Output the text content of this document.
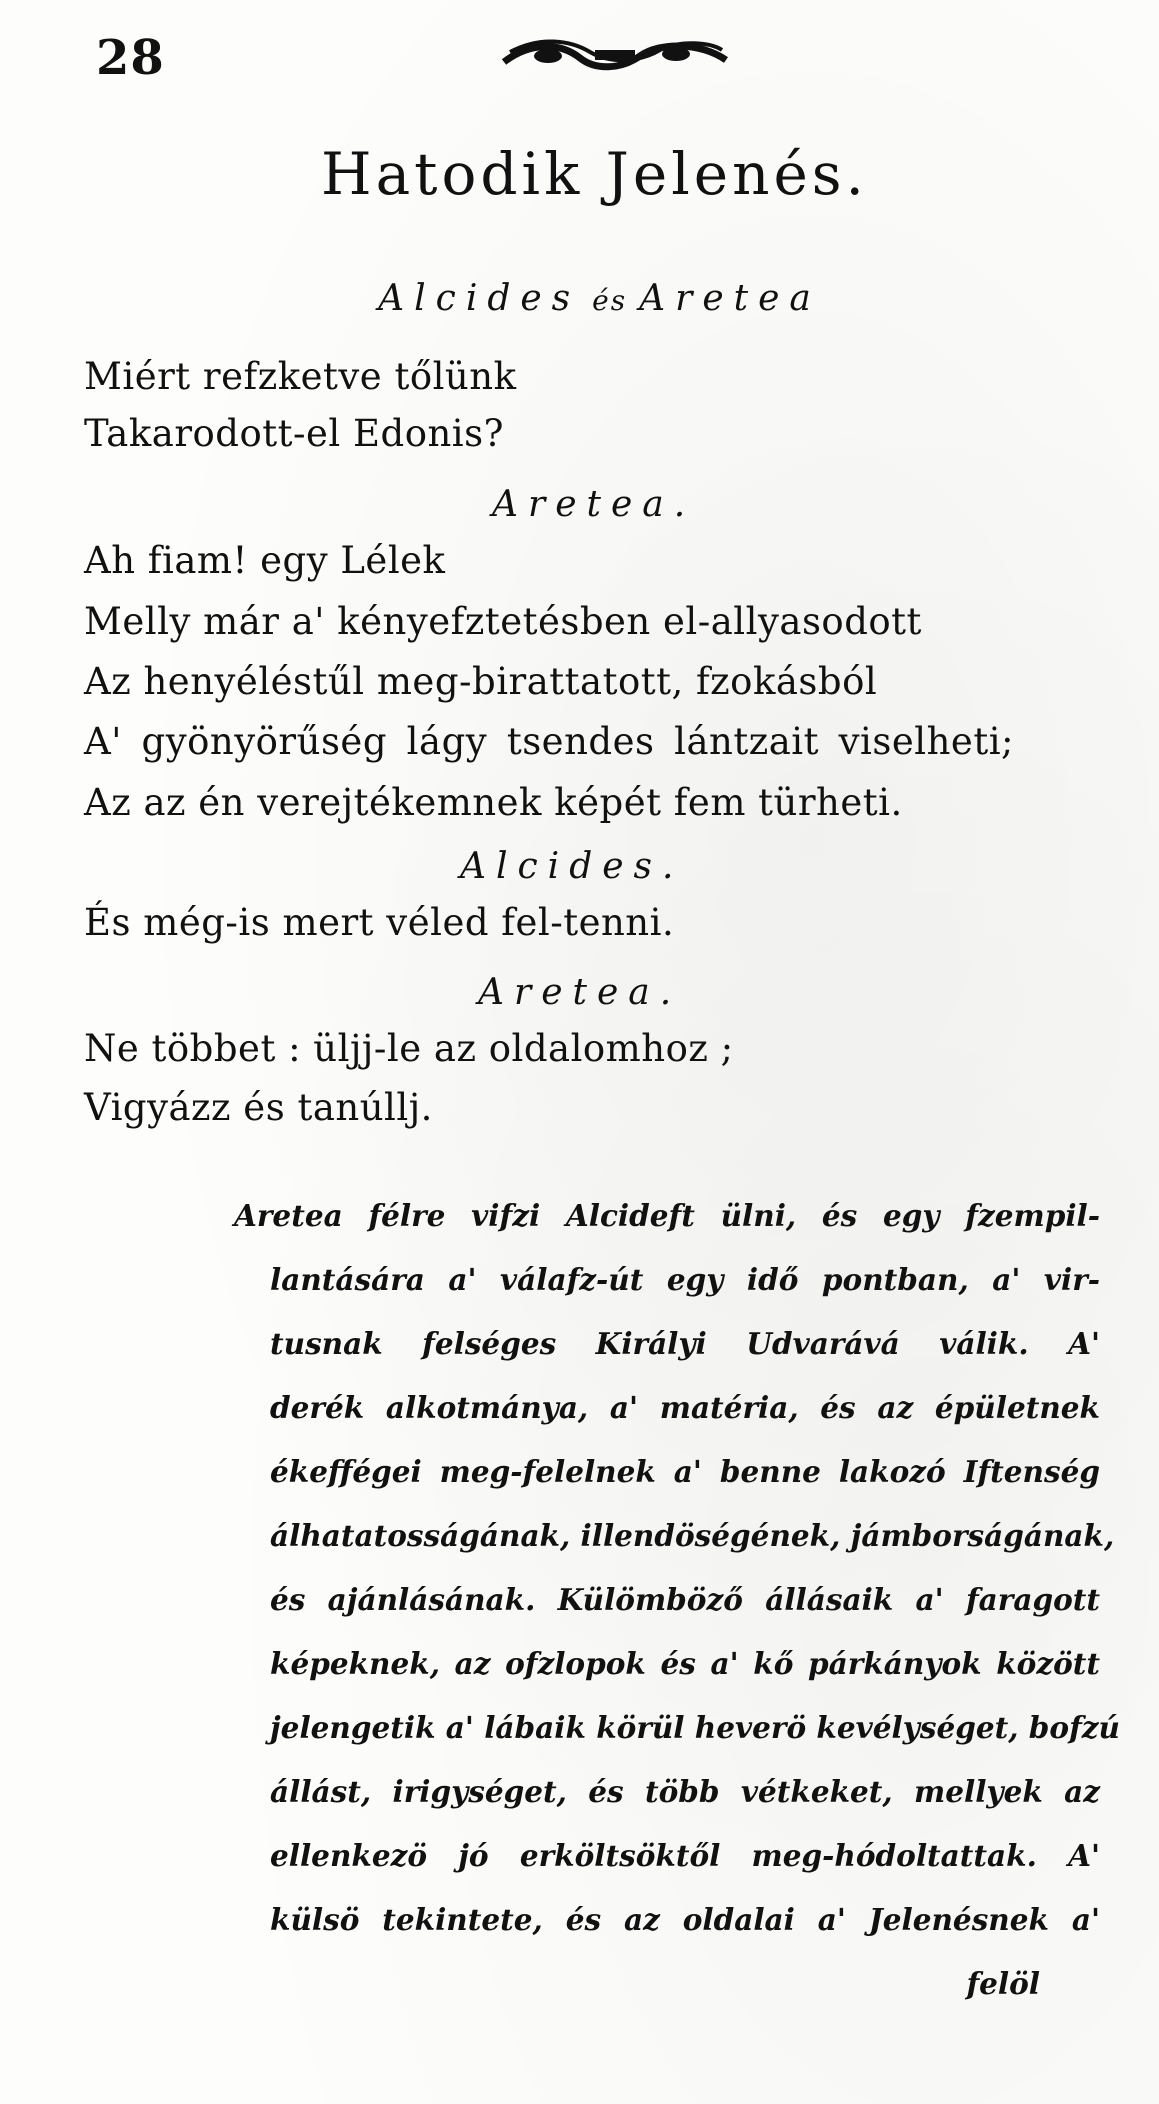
28
Hatodik Jelenés.
Alcides és Aretea
Miért refzketve tőlünk
Takarodott-el Edonis?
Aretea.
Ah fiam! egy Lélek
Melly már a' kényefztetésben el-allyasodott
Az henyéléstűl meg-birattatott, fzokásból
A' gyönyörűség lágy tsendes lántzait viselheti;
Az az én verejtékemnek képét fem türheti.
Alcides.
És még-is mert véled fel-tenni.
Aretea.
Ne többet : üljj-le az oldalomhoz ;
Vigyázz és tanúllj.
Aretea félre vifzi Alcideft ülni, és egy fzempil-
lantására a' válafz-út egy idő pontban, a' vir-
tusnak felséges Királyi Udvarává válik. A'
derék alkotmánya, a' matéria, és az épületnek
ékeffégei meg-felelnek a' benne lakozó Iftenség
álhatatosságának, illendöségének, jámborságának,
és ajánlásának. Külömböző állásaik a' faragott
képeknek, az ofzlopok és a' kő párkányok között
jelengetik a' lábaik körül heverö kevélységet, bofzú
állást, irigységet, és több vétkeket, mellyek az
ellenkezö jó erköltsöktől meg-hódoltattak. A'
külsö tekintete, és az oldalai a' Jelenésnek a'
felöl
